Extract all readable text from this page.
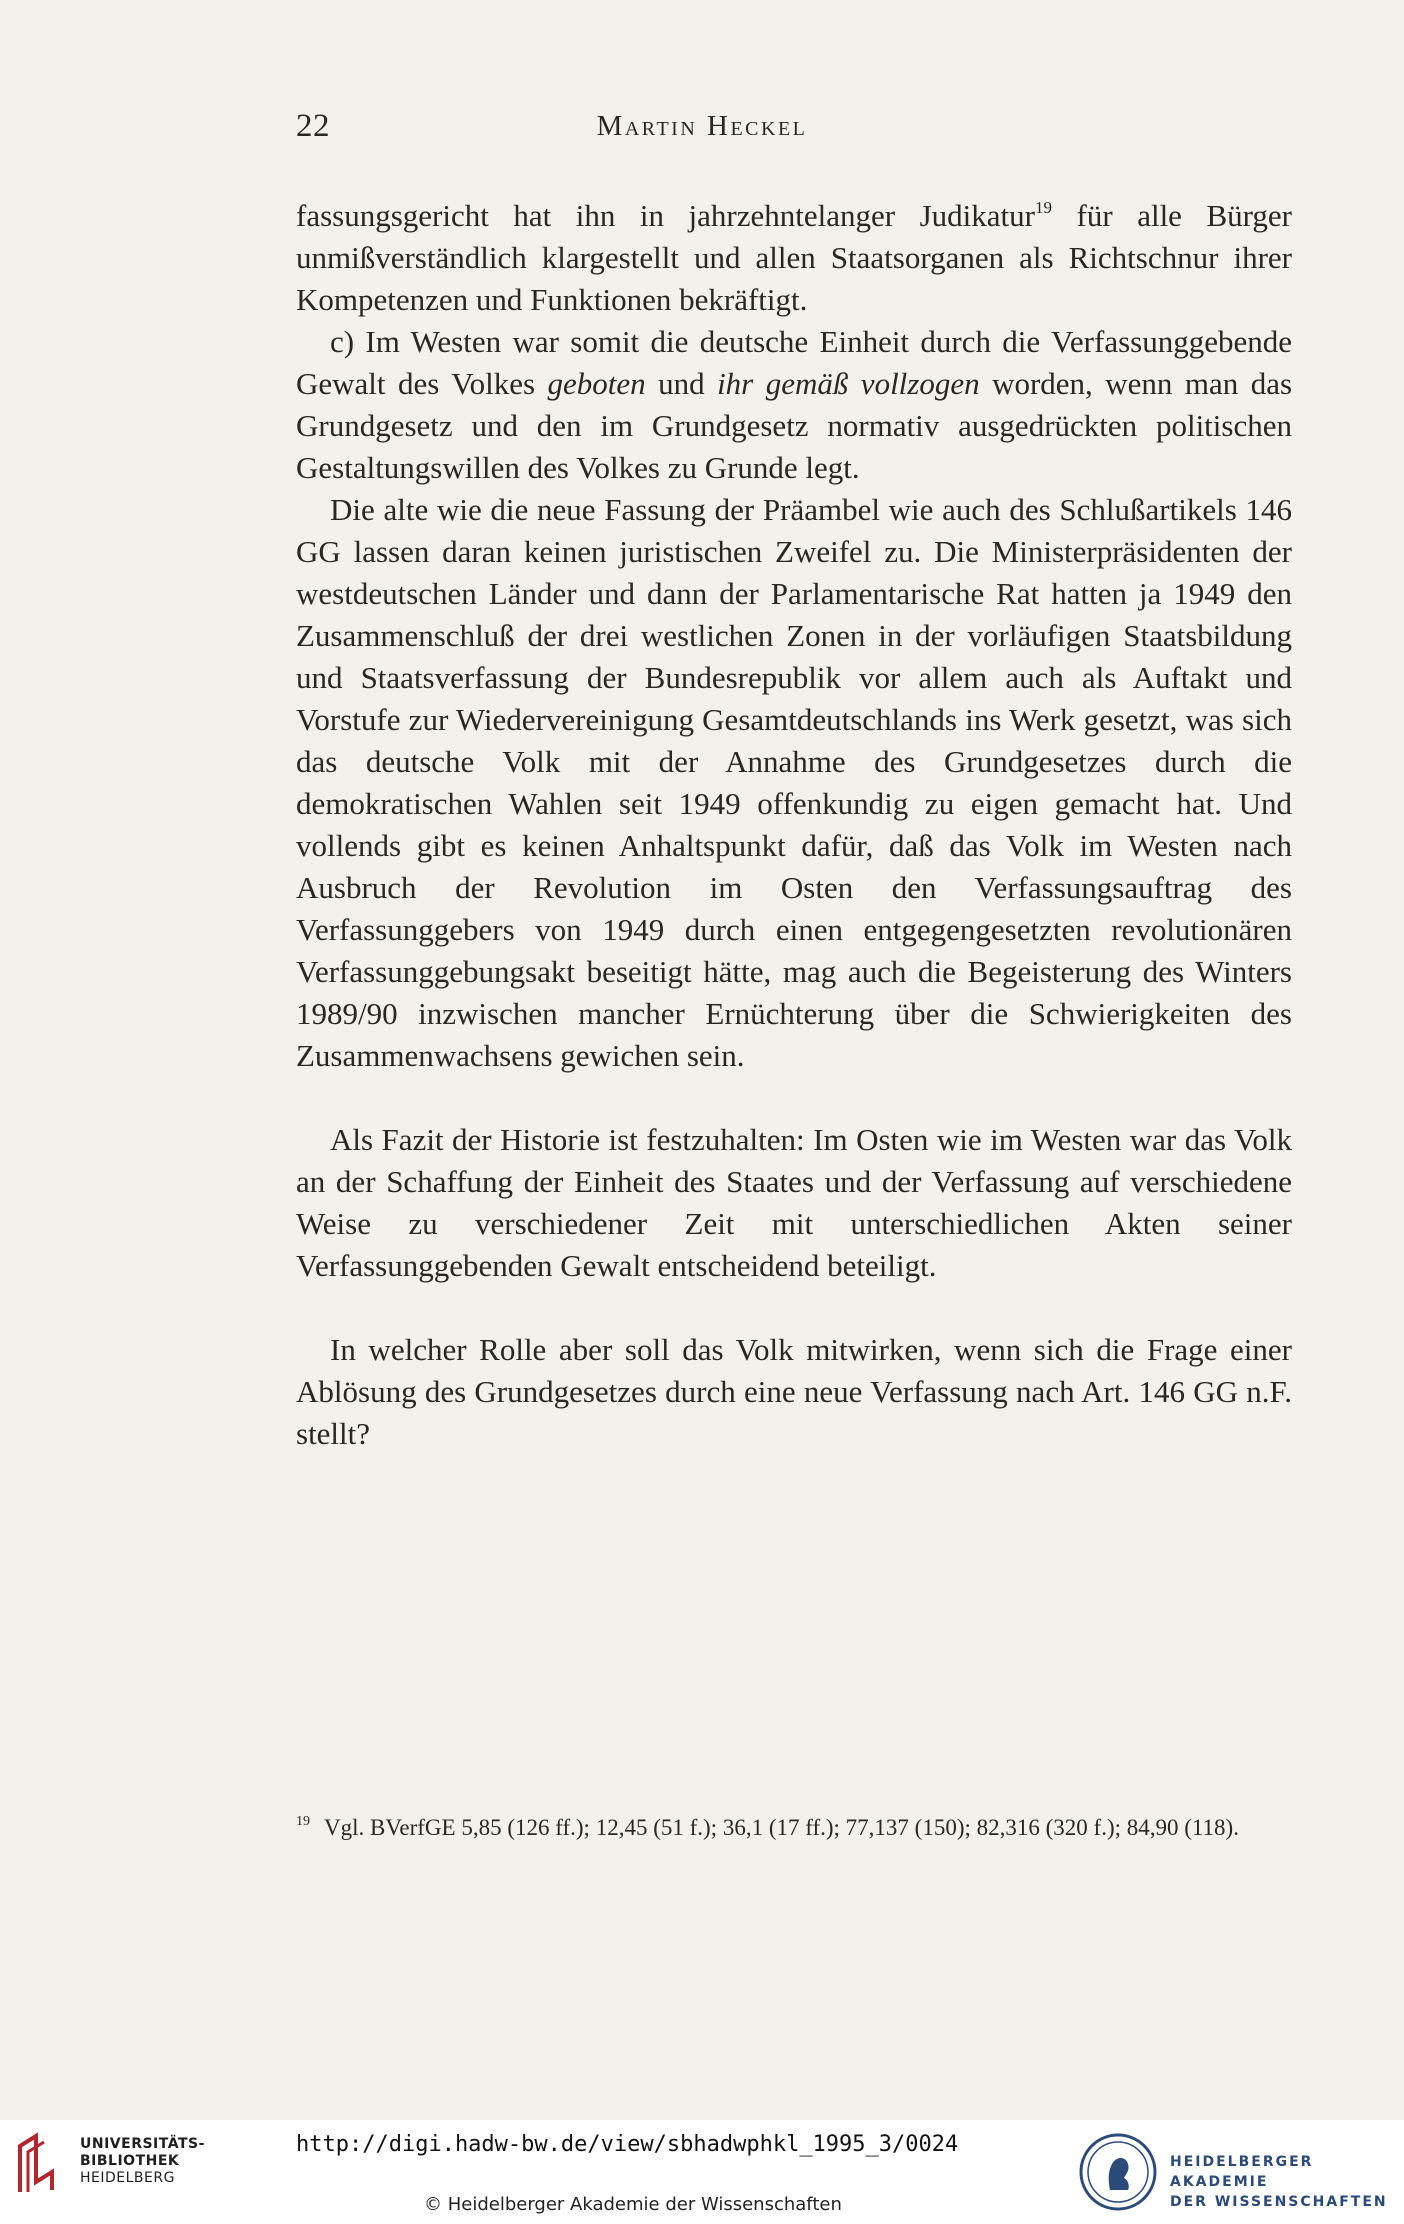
22	Martin Heckel

fassungsgericht hat ihn in jahrzehntelanger Judikatur$^{19}$ für alle Bürger unmißverständlich klargestellt und allen Staatsorganen als Richtschnur ihrer Kompetenzen und Funktionen bekräftigt.

c) Im Westen war somit die deutsche Einheit durch die Verfassunggebende Gewalt des Volkes geboten und ihr gemäß vollzogen worden, wenn man das Grundgesetz und den im Grundgesetz normativ ausgedrückten politischen Gestaltungswillen des Volkes zu Grunde legt.

Die alte wie die neue Fassung der Präambel wie auch des Schlußartikels 146 GG lassen daran keinen juristischen Zweifel zu. Die Ministerpräsidenten der westdeutschen Länder und dann der Parlamentarische Rat hatten ja 1949 den Zusammenschluß der drei westlichen Zonen in der vorläufigen Staatsbildung und Staatsverfassung der Bundesrepublik vor allem auch als Auftakt und Vorstufe zur Wiedervereinigung Gesamtdeutschlands ins Werk gesetzt, was sich das deutsche Volk mit der Annahme des Grundgesetzes durch die demokratischen Wahlen seit 1949 offenkundig zu eigen gemacht hat. Und vollends gibt es keinen Anhaltspunkt dafür, daß das Volk im Westen nach Ausbruch der Revolution im Osten den Verfassungsauftrag des Verfassunggebers von 1949 durch einen entgegengesetzten revolutionären Verfassunggebungsakt beseitigt hätte, mag auch die Begeisterung des Winters 1989/90 inzwischen mancher Ernüchterung über die Schwierigkeiten des Zusammenwachsens gewichen sein.

Als Fazit der Historie ist festzuhalten: Im Osten wie im Westen war das Volk an der Schaffung der Einheit des Staates und der Verfassung auf verschiedene Weise zu verschiedener Zeit mit unterschiedlichen Akten seiner Verfassunggebenden Gewalt entscheidend beteiligt.

In welcher Rolle aber soll das Volk mitwirken, wenn sich die Frage einer Ablösung des Grundgesetzes durch eine neue Verfassung nach Art. 146 GG n.F. stellt?

$^{19}$ Vgl. BVerfGE 5,85 (126 ff.); 12,45 (51 f.); 36,1 (17 ff.); 77,137 (150); 82,316 (320 f.); 84,90 (118).
UNIVERSITÄTS-
BIBLIOTHEK
HEIDELBERG
http://digi.hadw-bw.de/view/sbhadwphkl_1995_3/0024
© Heidelberger Akademie der Wissenschaften
HEIDELBERGER AKADEMIE
DER WISSENSCHAFTEN
